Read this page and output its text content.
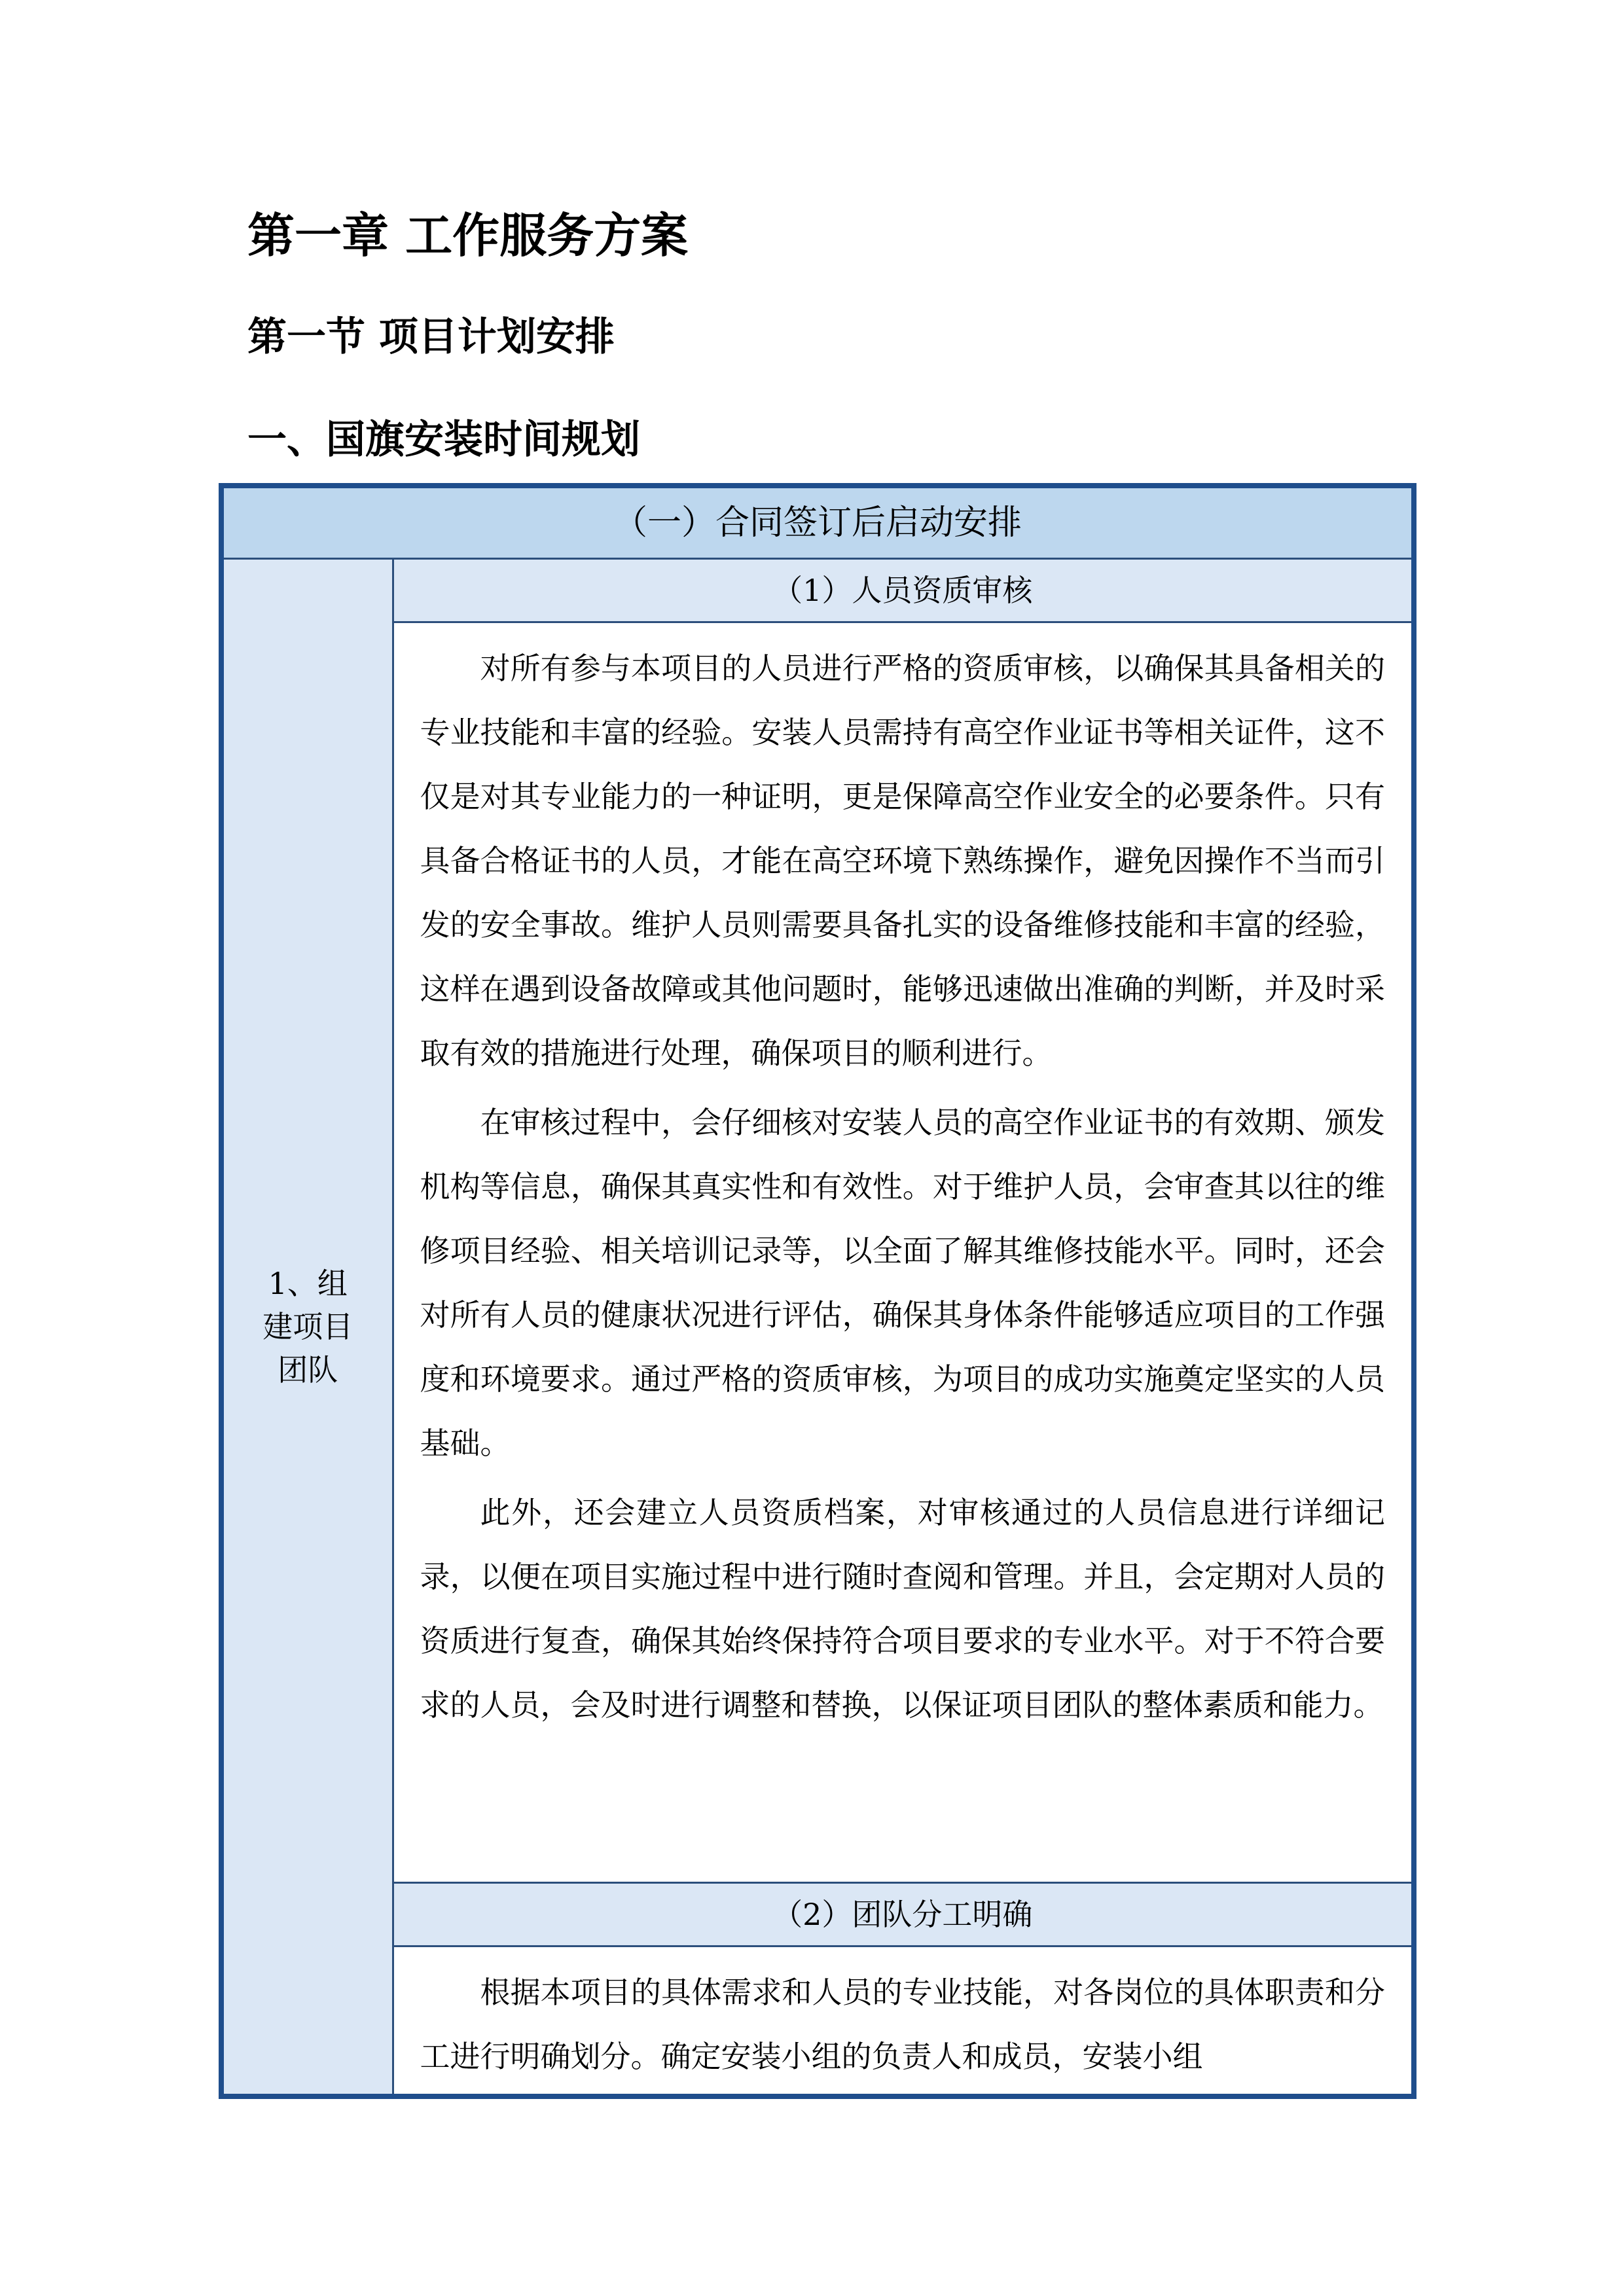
第一章 工作服务方案
第一节 项目计划安排
一、国旗安装时间规划
（一）合同签订后启动安排
1、组建项目团队	（1）人员资质审核

对所有参与本项目的人员进行严格的资质审核，以确保其具备相关的专业技能和丰富的经验。安装人员需持有高空作业证书等相关证件，这不仅是对其专业能力的一种证明，更是保障高空作业安全的必要条件。只有具备合格证书的人员，才能在高空环境下熟练操作，避免因操作不当而引发的安全事故。维护人员则需要具备扎实的设备维修技能和丰富的经验，这样在遇到设备故障或其他问题时，能够迅速做出准确的判断，并及时采取有效的措施进行处理，确保项目的顺利进行。

在审核过程中，会仔细核对安装人员的高空作业证书的有效期、颁发机构等信息，确保其真实性和有效性。对于维护人员，会审查其以往的维修项目经验、相关培训记录等，以全面了解其维修技能水平。同时，还会对所有人员的健康状况进行评估，确保其身体条件能够适应项目的工作强度和环境要求。通过严格的资质审核，为项目的成功实施奠定坚实的人员基础。

此外，还会建立人员资质档案，对审核通过的人员信息进行详细记录，以便在项目实施过程中进行随时查阅和管理。并且，会定期对人员的资质进行复查，确保其始终保持符合项目要求的专业水平。对于不符合要求的人员，会及时进行调整和替换，以保证项目团队的整体素质和能力。

（2）团队分工明确

根据本项目的具体需求和人员的专业技能，对各岗位的具体职责和分工进行明确划分。确定安装小组的负责人和成员，安装小组
